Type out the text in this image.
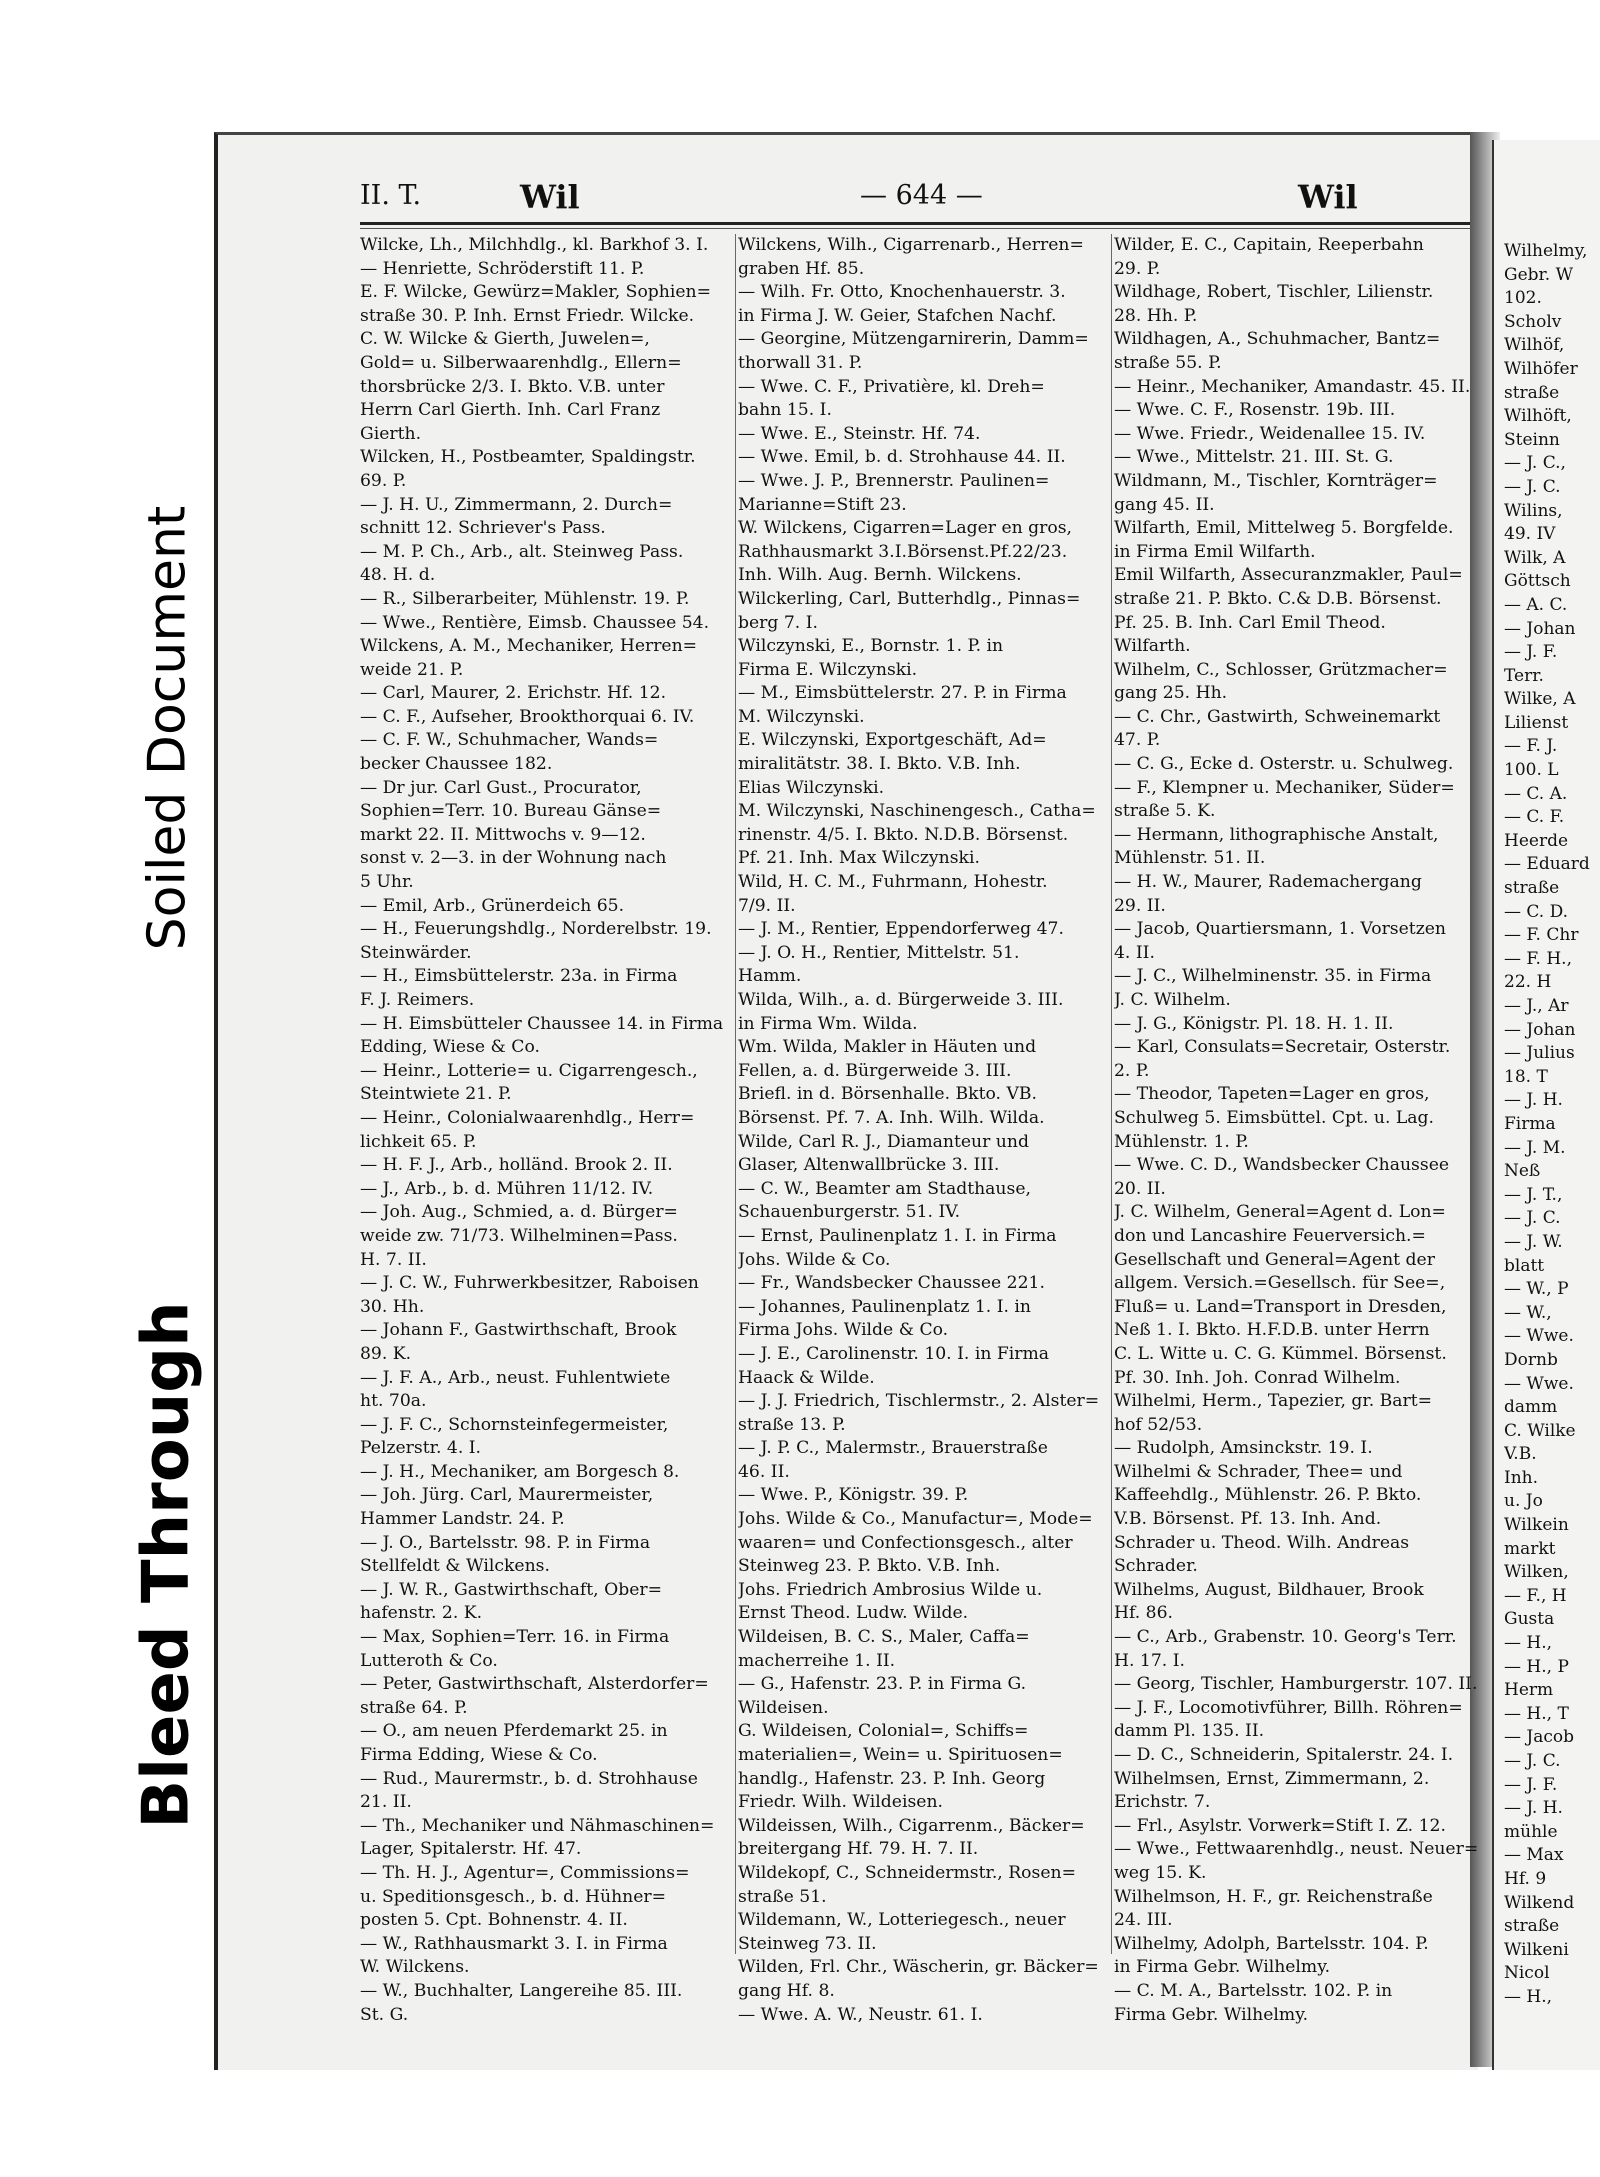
Soiled Document
Bleed Through
Wilhelmy,
Gebr. W
102.
Scholv
Wilhöf,
Wilhöfer
straße
Wilhöft,
Steinn
— J. C.,
— J. C.
Wilins,
49. IV
Wilk, A
Göttsch
— A. C.
— Johan
— J. F.
Terr.
Wilke, A
Lilienst
— F. J.
100. L
— C. A.
— C. F.
Heerde
— Eduard
straße
— C. D.
— F. Chr
— F. H.,
22. H
— J., Ar
— Johan
— Julius
18. T
— J. H.
Firma
— J. M.
Neß
— J. T.,
— J. C.
— J. W.
blatt
— W., P
— W.,
— Wwe.
Dornb
— Wwe.
damm
C. Wilke
V.B.
Inh.
u. Jo
Wilkein
markt
Wilken,
— F., H
Gusta
— H.,
— H., P
Herm
— H., T
— Jacob
— J. C.
— J. F.
— J. H.
mühle
— Max
Hf. 9
Wilkend
straße
Wilkeni
Nicol
— H.,
II. T.	Wil	— 644 —	Wil
Wilcke, Lh., Milchhdlg., kl. Barkhof 3. I.
— Henriette, Schröderstift 11. P.
E. F. Wilcke, Gewürz=Makler, Sophien=
straße 30. P. Inh. Ernst Friedr. Wilcke.
C. W. Wilcke & Gierth, Juwelen=,
Gold= u. Silberwaarenhdlg., Ellern=
thorsbrücke 2/3. I. Bkto. V.B. unter
Herrn Carl Gierth. Inh. Carl Franz
Gierth.
Wilcken, H., Postbeamter, Spaldingstr.
69. P.
— J. H. U., Zimmermann, 2. Durch=
schnitt 12. Schriever's Pass.
— M. P. Ch., Arb., alt. Steinweg Pass.
48. H. d.
— R., Silberarbeiter, Mühlenstr. 19. P.
— Wwe., Rentière, Eimsb. Chaussee 54.
Wilckens, A. M., Mechaniker, Herren=
weide 21. P.
— Carl, Maurer, 2. Erichstr. Hf. 12.
— C. F., Aufseher, Brookthorquai 6. IV.
— C. F. W., Schuhmacher, Wands=
becker Chaussee 182.
— Dr jur. Carl Gust., Procurator,
Sophien=Terr. 10. Bureau Gänse=
markt 22. II. Mittwochs v. 9—12.
sonst v. 2—3. in der Wohnung nach
5 Uhr.
— Emil, Arb., Grünerdeich 65.
— H., Feuerungshdlg., Norderelbstr. 19.
Steinwärder.
— H., Eimsbüttelerstr. 23a. in Firma
F. J. Reimers.
— H. Eimsbütteler Chaussee 14. in Firma
Edding, Wiese & Co.
— Heinr., Lotterie= u. Cigarrengesch.,
Steintwiete 21. P.
— Heinr., Colonialwaarenhdlg., Herr=
lichkeit 65. P.
— H. F. J., Arb., holländ. Brook 2. II.
— J., Arb., b. d. Mühren 11/12. IV.
— Joh. Aug., Schmied, a. d. Bürger=
weide zw. 71/73. Wilhelminen=Pass.
H. 7. II.
— J. C. W., Fuhrwerkbesitzer, Raboisen
30. Hh.
— Johann F., Gastwirthschaft, Brook
89. K.
— J. F. A., Arb., neust. Fuhlentwiete
ht. 70a.
— J. F. C., Schornsteinfegermeister,
Pelzerstr. 4. I.
— J. H., Mechaniker, am Borgesch 8.
— Joh. Jürg. Carl, Maurermeister,
Hammer Landstr. 24. P.
— J. O., Bartelsstr. 98. P. in Firma
Stellfeldt & Wilckens.
— J. W. R., Gastwirthschaft, Ober=
hafenstr. 2. K.
— Max, Sophien=Terr. 16. in Firma
Lutteroth & Co.
— Peter, Gastwirthschaft, Alsterdorfer=
straße 64. P.
— O., am neuen Pferdemarkt 25. in
Firma Edding, Wiese & Co.
— Rud., Maurermstr., b. d. Strohhause
21. II.
— Th., Mechaniker und Nähmaschinen=
Lager, Spitalerstr. Hf. 47.
— Th. H. J., Agentur=, Commissions=
u. Speditionsgesch., b. d. Hühner=
posten 5. Cpt. Bohnenstr. 4. II.
— W., Rathhausmarkt 3. I. in Firma
W. Wilckens.
— W., Buchhalter, Langereihe 85. III.
St. G.
Wilckens, Wilh., Cigarrenarb., Herren=
graben Hf. 85.
— Wilh. Fr. Otto, Knochenhauerstr. 3.
in Firma J. W. Geier, Stafchen Nachf.
— Georgine, Mützengarnirerin, Damm=
thorwall 31. P.
— Wwe. C. F., Privatière, kl. Dreh=
bahn 15. I.
— Wwe. E., Steinstr. Hf. 74.
— Wwe. Emil, b. d. Strohhause 44. II.
— Wwe. J. P., Brennerstr. Paulinen=
Marianne=Stift 23.
W. Wilckens, Cigarren=Lager en gros,
Rathhausmarkt 3.I.Börsenst.Pf.22/23.
Inh. Wilh. Aug. Bernh. Wilckens.
Wilckerling, Carl, Butterhdlg., Pinnas=
berg 7. I.
Wilczynski, E., Bornstr. 1. P. in
Firma E. Wilczynski.
— M., Eimsbüttelerstr. 27. P. in Firma
M. Wilczynski.
E. Wilczynski, Exportgeschäft, Ad=
miralitätstr. 38. I. Bkto. V.B. Inh.
Elias Wilczynski.
M. Wilczynski, Naschinengesch., Catha=
rinenstr. 4/5. I. Bkto. N.D.B. Börsenst.
Pf. 21. Inh. Max Wilczynski.
Wild, H. C. M., Fuhrmann, Hohestr.
7/9. II.
— J. M., Rentier, Eppendorferweg 47.
— J. O. H., Rentier, Mittelstr. 51.
Hamm.
Wilda, Wilh., a. d. Bürgerweide 3. III.
in Firma Wm. Wilda.
Wm. Wilda, Makler in Häuten und
Fellen, a. d. Bürgerweide 3. III.
Briefl. in d. Börsenhalle. Bkto. VB.
Börsenst. Pf. 7. A. Inh. Wilh. Wilda.
Wilde, Carl R. J., Diamanteur und
Glaser, Altenwallbrücke 3. III.
— C. W., Beamter am Stadthause,
Schauenburgerstr. 51. IV.
— Ernst, Paulinenplatz 1. I. in Firma
Johs. Wilde & Co.
— Fr., Wandsbecker Chaussee 221.
— Johannes, Paulinenplatz 1. I. in
Firma Johs. Wilde & Co.
— J. E., Carolinenstr. 10. I. in Firma
Haack & Wilde.
— J. J. Friedrich, Tischlermstr., 2. Alster=
straße 13. P.
— J. P. C., Malermstr., Brauerstraße
46. II.
— Wwe. P., Königstr. 39. P.
Johs. Wilde & Co., Manufactur=, Mode=
waaren= und Confectionsgesch., alter
Steinweg 23. P. Bkto. V.B. Inh.
Johs. Friedrich Ambrosius Wilde u.
Ernst Theod. Ludw. Wilde.
Wildeisen, B. C. S., Maler, Caffa=
macherreihe 1. II.
— G., Hafenstr. 23. P. in Firma G.
Wildeisen.
G. Wildeisen, Colonial=, Schiffs=
materialien=, Wein= u. Spirituosen=
handlg., Hafenstr. 23. P. Inh. Georg
Friedr. Wilh. Wildeisen.
Wildeissen, Wilh., Cigarrenm., Bäcker=
breitergang Hf. 79. H. 7. II.
Wildekopf, C., Schneidermstr., Rosen=
straße 51.
Wildemann, W., Lotteriegesch., neuer
Steinweg 73. II.
Wilden, Frl. Chr., Wäscherin, gr. Bäcker=
gang Hf. 8.
— Wwe. A. W., Neustr. 61. I.
Wilder, E. C., Capitain, Reeperbahn
29. P.
Wildhage, Robert, Tischler, Lilienstr.
28. Hh. P.
Wildhagen, A., Schuhmacher, Bantz=
straße 55. P.
— Heinr., Mechaniker, Amandastr. 45. II.
— Wwe. C. F., Rosenstr. 19b. III.
— Wwe. Friedr., Weidenallee 15. IV.
— Wwe., Mittelstr. 21. III. St. G.
Wildmann, M., Tischler, Kornträger=
gang 45. II.
Wilfarth, Emil, Mittelweg 5. Borgfelde.
in Firma Emil Wilfarth.
Emil Wilfarth, Assecuranzmakler, Paul=
straße 21. P. Bkto. C.& D.B. Börsenst.
Pf. 25. B. Inh. Carl Emil Theod.
Wilfarth.
Wilhelm, C., Schlosser, Grützmacher=
gang 25. Hh.
— C. Chr., Gastwirth, Schweinemarkt
47. P.
— C. G., Ecke d. Osterstr. u. Schulweg.
— F., Klempner u. Mechaniker, Süder=
straße 5. K.
— Hermann, lithographische Anstalt,
Mühlenstr. 51. II.
— H. W., Maurer, Rademachergang
29. II.
— Jacob, Quartiersmann, 1. Vorsetzen
4. II.
— J. C., Wilhelminenstr. 35. in Firma
J. C. Wilhelm.
— J. G., Königstr. Pl. 18. H. 1. II.
— Karl, Consulats=Secretair, Osterstr.
2. P.
— Theodor, Tapeten=Lager en gros,
Schulweg 5. Eimsbüttel. Cpt. u. Lag.
Mühlenstr. 1. P.
— Wwe. C. D., Wandsbecker Chaussee
20. II.
J. C. Wilhelm, General=Agent d. Lon=
don und Lancashire Feuerversich.=
Gesellschaft und General=Agent der
allgem. Versich.=Gesellsch. für See=,
Fluß= u. Land=Transport in Dresden,
Neß 1. I. Bkto. H.F.D.B. unter Herrn
C. L. Witte u. C. G. Kümmel. Börsenst.
Pf. 30. Inh. Joh. Conrad Wilhelm.
Wilhelmi, Herm., Tapezier, gr. Bart=
hof 52/53.
— Rudolph, Amsinckstr. 19. I.
Wilhelmi & Schrader, Thee= und
Kaffeehdlg., Mühlenstr. 26. P. Bkto.
V.B. Börsenst. Pf. 13. Inh. And.
Schrader u. Theod. Wilh. Andreas
Schrader.
Wilhelms, August, Bildhauer, Brook
Hf. 86.
— C., Arb., Grabenstr. 10. Georg's Terr.
H. 17. I.
— Georg, Tischler, Hamburgerstr. 107. II.
— J. F., Locomotivführer, Billh. Röhren=
damm Pl. 135. II.
— D. C., Schneiderin, Spitalerstr. 24. I.
Wilhelmsen, Ernst, Zimmermann, 2.
Erichstr. 7.
— Frl., Asylstr. Vorwerk=Stift I. Z. 12.
— Wwe., Fettwaarenhdlg., neust. Neuer=
weg 15. K.
Wilhelmson, H. F., gr. Reichenstraße
24. III.
Wilhelmy, Adolph, Bartelsstr. 104. P.
in Firma Gebr. Wilhelmy.
— C. M. A., Bartelsstr. 102. P. in
Firma Gebr. Wilhelmy.
